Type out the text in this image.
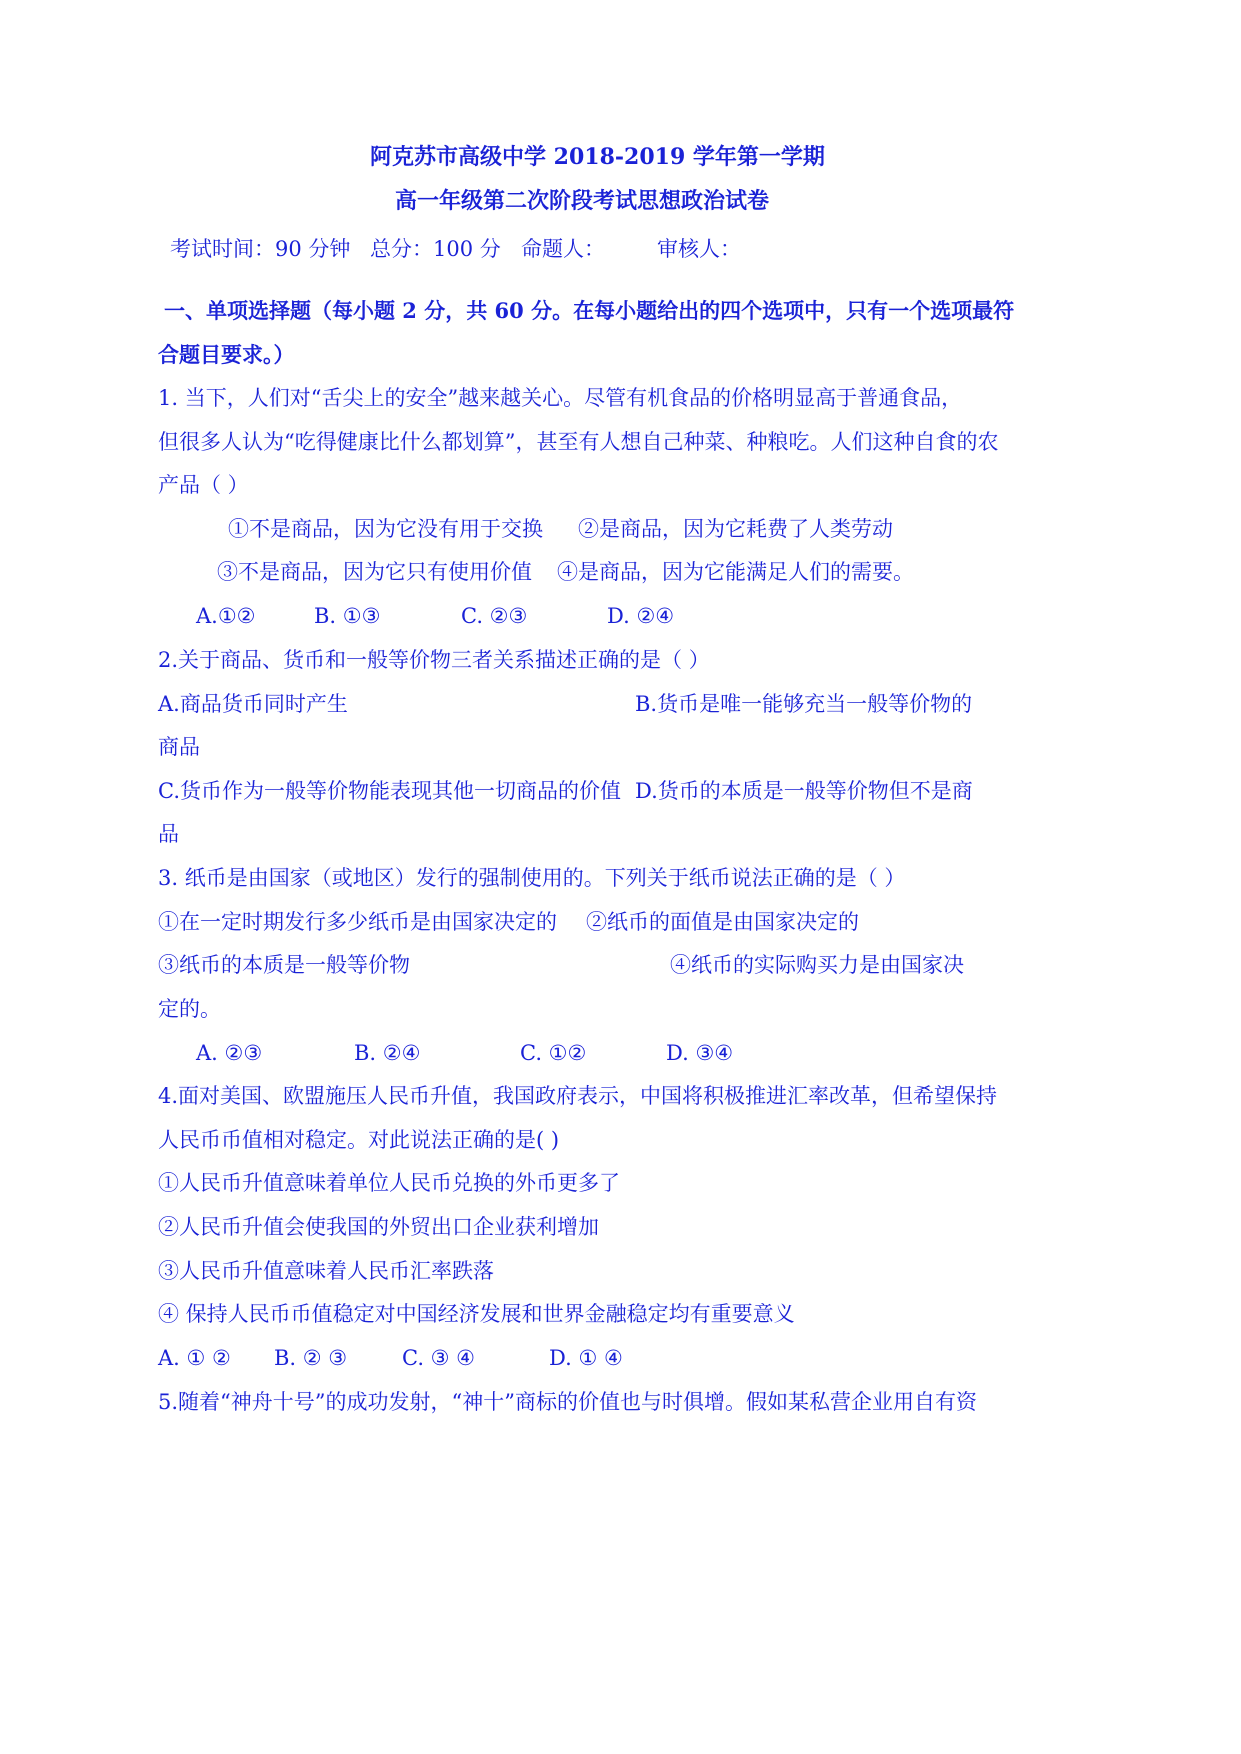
阿克苏市高级中学 2018-2019 学年第一学期
高一年级第二次阶段考试思想政治试卷
考试时间：90 分钟 总分：100 分 命题人： 审核人：
一、单项选择题（每小题 2 分，共 60 分。在每小题给出的四个选项中，只有一个选项最符
合题目要求。）
1. 当下，人们对“舌尖上的安全”越来越关心。尽管有机食品的价格明显高于普通食品，
但很多人认为“吃得健康比什么都划算”，甚至有人想自己种菜、种粮吃。人们这种自食的农
产品（ ）
①不是商品，因为它没有用于交换 ②是商品，因为它耗费了人类劳动
③不是商品，因为它只有使用价值 ④是商品，因为它能满足人们的需要。
A.①②	B. ①③	C. ②③	D. ②④
2.关于商品、货币和一般等价物三者关系描述正确的是（ ）
A.商品货币同时产生	B.货币是唯一能够充当一般等价物的
商品
C.货币作为一般等价物能表现其他一切商品的价值 D.货币的本质是一般等价物但不是商
品
3. 纸币是由国家（或地区）发行的强制使用的。下列关于纸币说法正确的是（ ）
①在一定时期发行多少纸币是由国家决定的 ②纸币的面值是由国家决定的
③纸币的本质是一般等价物	④纸币的实际购买力是由国家决
定的。
A. ②③	B. ②④	C. ①②	D. ③④
4.面对美国、欧盟施压人民币升值，我国政府表示，中国将积极推进汇率改革，但希望保持
人民币币值相对稳定。对此说法正确的是( )
①人民币升值意味着单位人民币兑换的外币更多了
②人民币升值会使我国的外贸出口企业获利增加
③人民币升值意味着人民币汇率跌落
④ 保持人民币币值稳定对中国经济发展和世界金融稳定均有重要意义
A. ① ② B. ② ③	C. ③ ④	D. ① ④
5.随着“神舟十号”的成功发射，“神十”商标的价值也与时俱增。假如某私营企业用自有资
